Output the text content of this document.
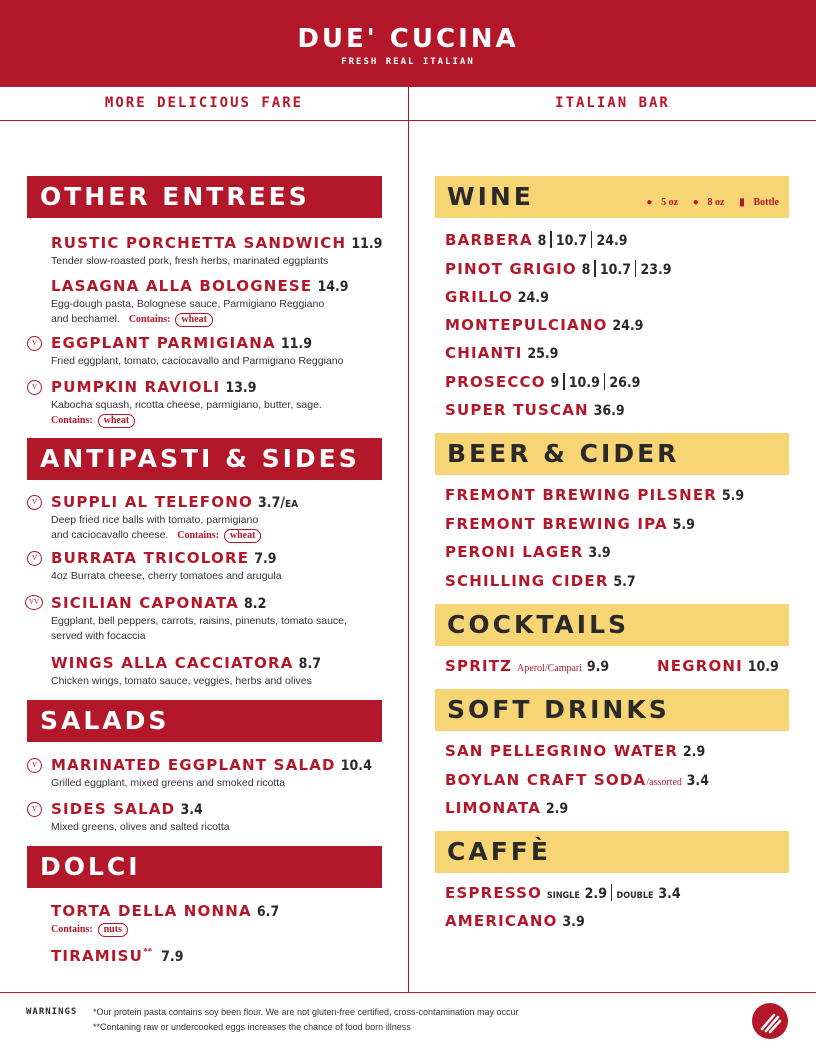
DUE' CUCINA
FRESH REAL ITALIAN
MORE DELICIOUS FARE	ITALIAN BAR
OTHER ENTREES
RUSTIC PORCHETTA SANDWICH 11.9
Tender slow-roasted pork, fresh herbs, marinated eggplants
LASAGNA ALLA BOLOGNESE 14.9
Egg-dough pasta, Bolognese sauce, Parmigiano Reggiano
and bechamel. Contains: wheat
V EGGPLANT PARMIGIANA 11.9
Fried eggplant, tomato, caciocavallo and Parmigiano Reggiano
V PUMPKIN RAVIOLI 13.9
Kabocha squash, ricotta cheese, parmigiano, butter, sage.
Contains: wheat
ANTIPASTI & SIDES
V SUPPLI AL TELEFONO 3.7/EA
Deep fried rice balls with tomato, parmigiano
and caciocavallo cheese. Contains: wheat
V BURRATA TRICOLORE 7.9
4oz Burrata cheese, cherry tomatoes and arugula
VV SICILIAN CAPONATA 8.2
Eggplant, bell peppers, carrots, raisins, pinenuts, tomato sauce,
served with focaccia
WINGS ALLA CACCIATORA 8.7
Chicken wings, tomato sauce, veggies, herbs and olives
SALADS
V MARINATED EGGPLANT SALAD 10.4
Grilled eggplant, mixed greens and smoked ricotta
V SIDES SALAD 3.4
Mixed greens, olives and salted ricotta
DOLCI
TORTA DELLA NONNA 6.7
Contains: nuts
TIRAMISU** 7.9
WINE	● 5 oz ● 8 oz ▮ Bottle
BARBERA 8 10.7 24.9
PINOT GRIGIO 8 10.7 23.9
GRILLO 24.9
MONTEPULCIANO 24.9
CHIANTI 25.9
PROSECCO 9 10.9 26.9
SUPER TUSCAN 36.9
BEER & CIDER
FREMONT BREWING PILSNER 5.9
FREMONT BREWING IPA 5.9
PERONI LAGER 3.9
SCHILLING CIDER 5.7
COCKTAILS
SPRITZ Aperol/Campari 9.9	NEGRONI 10.9
SOFT DRINKS
SAN PELLEGRINO WATER 2.9
BOYLAN CRAFT SODA/assorted 3.4
LIMONATA 2.9
CAFFÈ
ESPRESSO SINGLE 2.9 DOUBLE 3.4
AMERICANO 3.9
WARNINGS *Our protein pasta contains soy been flour. We are not gluten-free certified, cross-contamination may occur
**Contaning raw or undercooked eggs increases the chance of food born illness
